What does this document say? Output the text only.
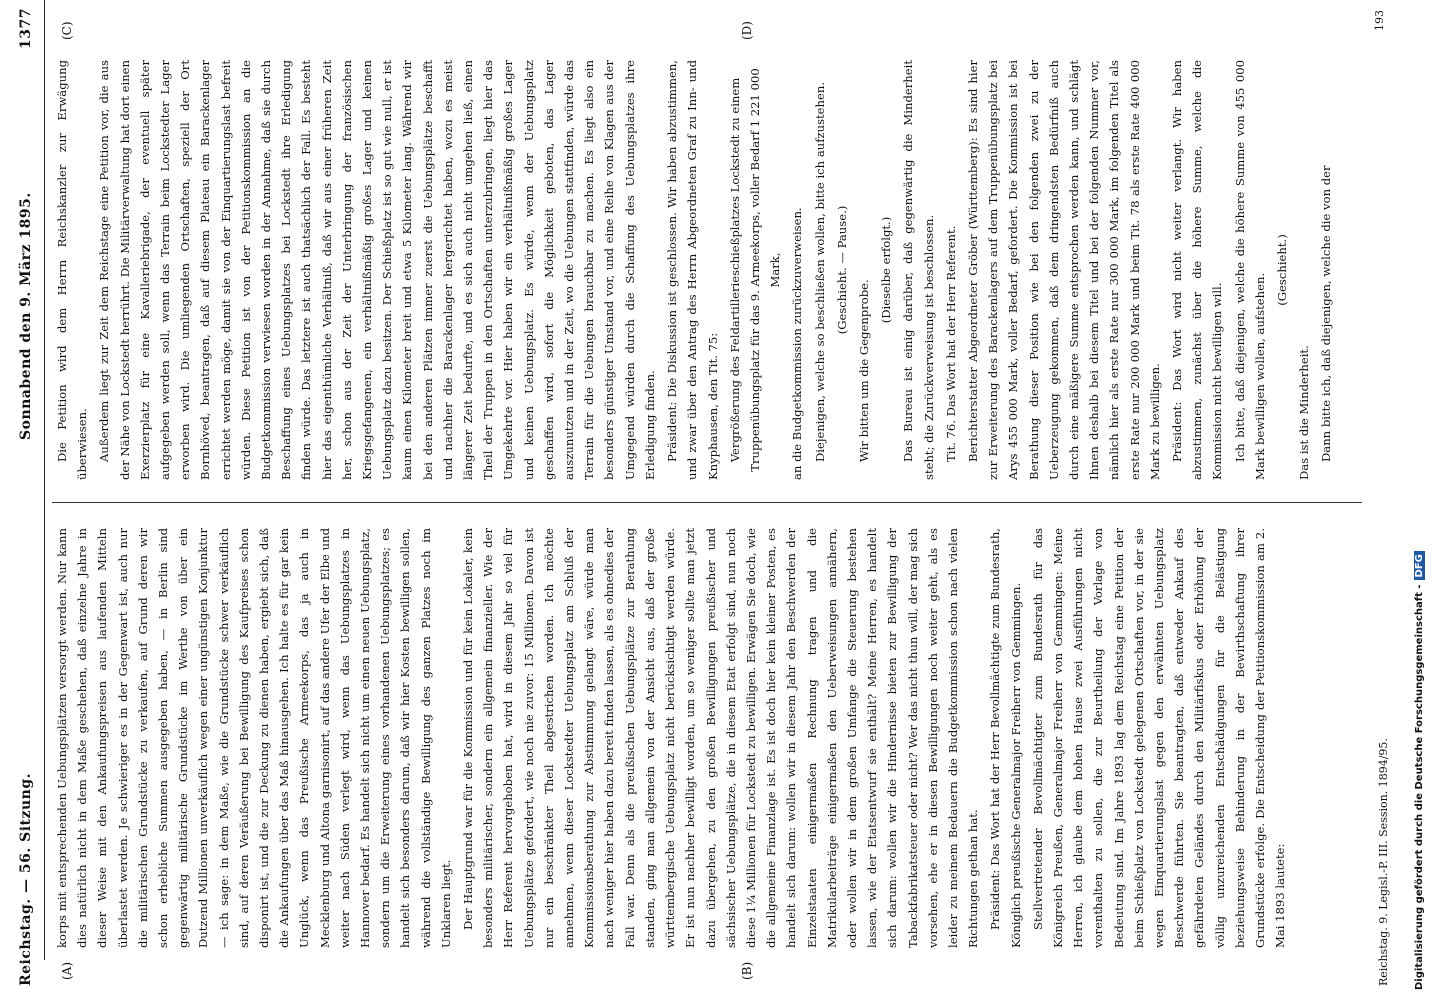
Reichstag. — 56. Sitzung.
Sonnabend den 9. März 1895.
1377
(A)	(B)
(C)	(D)

korps mit entsprechenden Uebungsplätzen versorgt werden. Nur kann dies natürlich nicht in dem Maße geschehen, daß einzelne Jahre in dieser Weise mit den Ankaufungspreisen aus laufenden Mitteln überlastet werden. Je schwieriger es in der Gegenwart ist, auch nur die militärischen Grundstücke zu verkaufen, auf Grund deren wir schon erhebliche Summen ausgegeben haben, — in Berlin sind gegenwärtig militärische Grundstücke im Werthe von über ein Dutzend Millionen unverkäuflich wegen einer ungünstigen Konjunktur — ich sage: in dem Maße, wie die Grundstücke schwer verkäuflich sind, auf deren Veräußerung bei Bewilligung des Kaufpreises schon disponirt ist, und die zur Deckung zu dienen haben, ergiebt sich, daß die Ankaufungen über das Maß hinausgehen. Ich halte es für gar kein Unglück, wenn das Preußische Armeekorps, das ja auch in Mecklenburg und Altona garnisonirt, auf das andere Ufer der Elbe und weiter nach Süden verlegt wird, wenn das Uebungsplatzes in Hannover bedarf. Es handelt sich nicht um einen neuen Uebungsplatz, sondern um die Erweiterung eines vorhandenen Uebungsplatzes; es handelt sich besonders darum, daß wir hier Kosten bewilligen sollen, während die vollständige Bewilligung des ganzen Platzes noch im Unklaren liegt. Der Hauptgrund war für die Kommission und für kein Lokaler, kein besonders militärischer, sondern ein allgemein finanzieller. Wie der Herr Referent hervorgehoben hat, wird in diesem Jahr so viel für Uebungsplätze gefordert, wie noch nie zuvor: 15 Millionen. Davon ist nur ein beschränkter Theil abgestrichen worden. Ich möchte annehmen, wenn dieser Lockstedter Uebungsplatz am Schluß der Kommissionsberathung zur Abstimmung gelangt wäre, würde man nach weniger hier haben dazu bereit finden lassen, als es ohnedies der Fall war. Denn als die preußischen Uebungsplätze zur Berathung standen, ging man allgemein von der Ansicht aus, daß der große württembergische Uebungsplatz nicht berücksichtigt werden würde. Er ist nun nachher bewilligt worden, um so weniger sollte man jetzt dazu übergehen, zu den großen Bewilligungen preußischer und sächsischer Uebungsplätze, die in diesem Etat erfolgt sind, nun noch diese 1¼ Millionen für Lockstedt zu bewilligen. Erwägen Sie doch, wie die allgemeine Finanzlage ist. Es ist doch hier kein kleiner Posten, es handelt sich darum: wollen wir in diesem Jahr den Beschwerden der Einzelstaaten einigermaßen Rechnung tragen und die Matrikularbeiträge einigermaßen den Ueberweisungen annähern, oder wollen wir in dem großen Umfange die Steuerung bestehen lassen, wie der Etatsentwurf sie enthält? Meine Herren, es handelt sich darum: wollen wir die Hindernisse bieten zur Bewilligung der Tabackfabrikatsteuer oder nicht? Wer das nicht thun will, der mag sich vorsehen, ehe er in diesen Bewilligungen noch weiter geht, als es leider zu meinem Bedauern die Budgetkommission schon nach vielen Richtungen gethan hat. Präsident: Das Wort hat der Herr Bevollmächtigte zum Bundesrath, Königlich preußische Generalmajor Freiherr von Gemmingen. Stellvertretender Bevollmächtigter zum Bundesrath für das Königreich Preußen, Generalmajor Freiherr von Gemmingen: Meine Herren, ich glaube dem hohen Hause zwei Ausführungen nicht vorenthalten zu sollen, die zur Beurtheilung der Vorlage von Bedeutung sind. Im Jahre 1893 lag dem Reichstag eine Petition der beim Schießplatz von Lockstedt gelegenen Ortschaften vor, in der sie wegen Einquartierungslast gegen den erwähnten Uebungsplatz Beschwerde führten. Sie beantragten, daß entweder Ankauf des gefährdeten Geländes durch den Militärfiskus oder Erhöhung der völlig unzureichenden Entschädigungen für die Belästigung beziehungsweise Behinderung in der Bewirthschaftung ihrer Grundstücke erfolge. Die Entscheidung der Petitionskommission am 2. Mai 1893 lautete:

Die Petition wird dem Herrn Reichskanzler zur Erwägung überwiesen. Außerdem liegt zur Zeit dem Reichstage eine Petition vor, die aus der Nähe von Lockstedt herrührt. Die Militärverwaltung hat dort einen Exerzierplatz für eine Kavalleriebrigade, der eventuell später aufgegeben werden soll, wenn das Terrain beim Lockstedter Lager erworben wird. Die umliegenden Ortschaften, speziell der Ort Bornhöved, beantragen, daß auf diesem Plateau ein Barackenlager errichtet werden möge, damit sie von der Einquartierungslast befreit würden. Diese Petition ist von der Petitionskommission an die Budgetkommission verwiesen worden in der Annahme, daß sie durch Beschaffung eines Uebungsplatzes bei Lockstedt ihre Erledigung finden würde. Das letztere ist auch thatsächlich der Fall. Es besteht hier das eigenthümliche Verhältniß, daß wir aus einer früheren Zeit her, schon aus der Zeit der Unterbringung der französischen Kriegsgefangenen, ein verhältnißmäßig großes Lager und keinen Uebungsplatz dazu besitzen. Der Schießplatz ist so gut wie null, er ist kaum einen Kilometer breit und etwa 5 Kilometer lang. Während wir bei den anderen Plätzen immer zuerst die Uebungsplätze beschafft und nachher die Barackenlager hergerichtet haben, wozu es meist längerer Zeit bedurfte, und es sich auch nicht umgehen ließ, einen Theil der Truppen in den Ortschaften unterzubringen, liegt hier das Umgekehrte vor. Hier haben wir ein verhältnißmäßig großes Lager und keinen Uebungsplatz. Es würde, wenn der Uebungsplatz geschaffen wird, sofort die Möglichkeit geboten, das Lager auszunutzen und in der Zeit, wo die Uebungen stattfinden, würde das Terrain für die Uebungen brauchbar zu machen. Es liegt also ein besonders günstiger Umstand vor, und eine Reihe von Klagen aus der Umgegend würden durch die Schaffung des Uebungsplatzes ihre Erledigung finden. Präsident: Die Diskussion ist geschlossen. Wir haben abzustimmen, und zwar über den Antrag des Herrn Abgeordneten Graf zu Inn- und Knyphausen, den Tit. 75: Vergrößerung des Feldartillerieschießplatzes Lockstedt zu einem Truppenübungsplatz für das 9. Armeekorps, voller Bedarf 1 221 000 Mark, an die Budgetkommission zurückzuverweisen. Diejenigen, welche so beschließen wollen, bitte ich aufzustehen. (Geschieht. — Pause.)

Wir bitten um die Gegenprobe.

(Dieselbe erfolgt.) Das Bureau ist einig darüber, daß gegenwärtig die Minderheit steht; die Zurückverweisung ist beschlossen. Tit. 76. Das Wort hat der Herr Referent. Berichterstatter Abgeordneter Gröber (Württemberg): Es sind hier zur Erweiterung des Barackenlagers auf dem Truppenübungsplatz bei Arys 455 000 Mark, voller Bedarf, gefordert. Die Kommission ist bei Berathung dieser Position wie bei den folgenden zwei zu der Ueberzeugung gekommen, daß dem dringendsten Bedürfniß auch durch eine mäßigere Summe entsprochen werden kann, und schlägt Ihnen deshalb bei diesem Titel und bei der folgenden Nummer vor, nämlich hier als erste Rate nur 300 000 Mark, im folgenden Titel als erste Rate nur 200 000 Mark und beim Tit. 78 als erste Rate 400 000 Mark zu bewilligen. Präsident: Das Wort wird nicht weiter verlangt. Wir haben abzustimmen, zunächst über die höhere Summe, welche die Kommission nicht bewilligen will. Ich bitte, daß diejenigen, welche die höhere Summe von 455 000 Mark bewilligen wollen, aufstehen.

(Geschieht.)

Das ist die Minderheit. Dann bitte ich, daß diejenigen, welche die von der

Reichstag. 9. Legisl.-P. III. Session. 1894/95.
193
Digitalisierung gefördert durch die Deutsche Forschungsgemeinschaft -DFG
